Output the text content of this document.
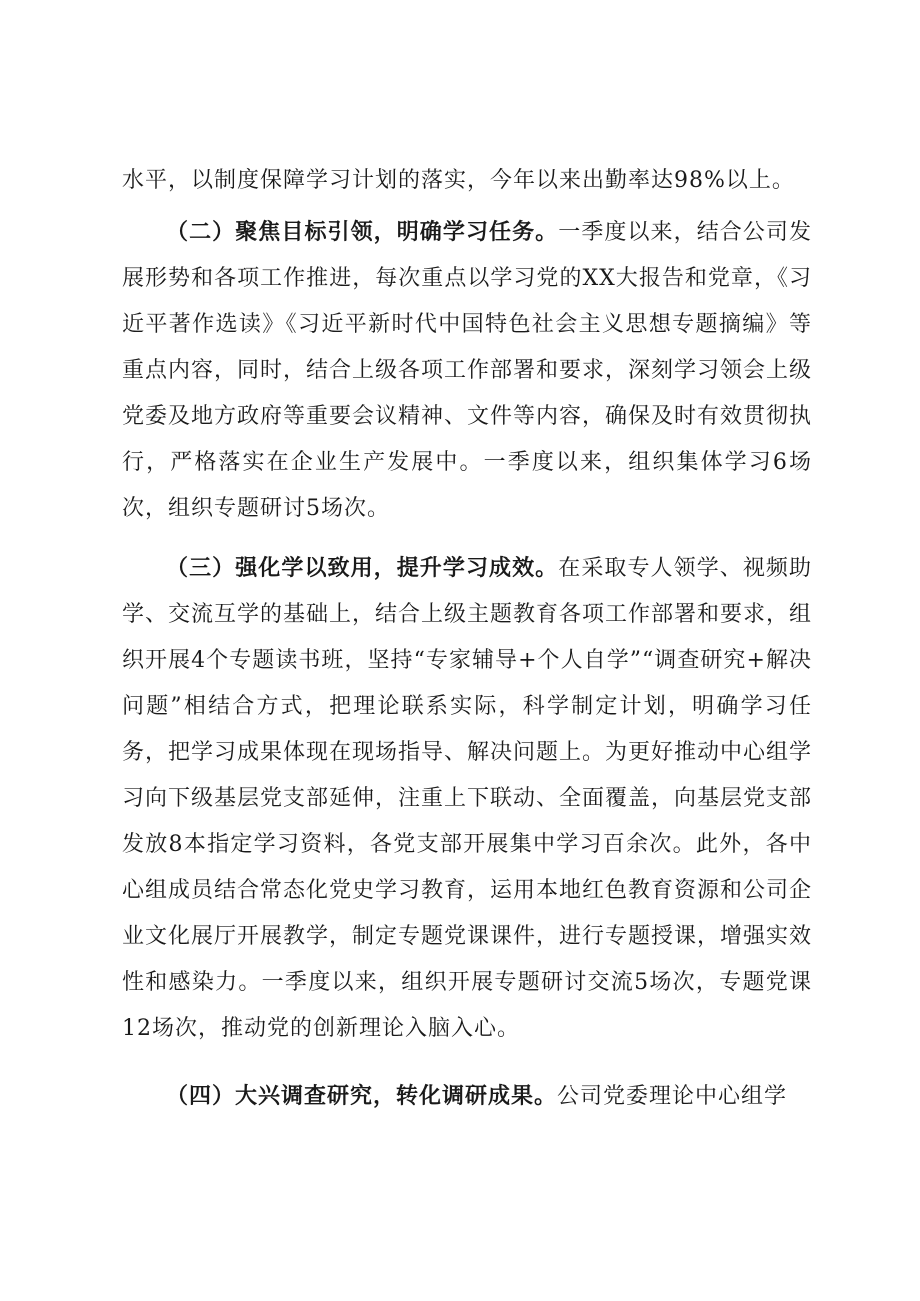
水平，以制度保障学习计划的落实，今年以来出勤率达98%以上。

（二）聚焦目标引领，明确学习任务。一季度以来，结合公司发展形势和各项工作推进，每次重点以学习党的XX大报告和党章，《习近平著作选读》《习近平新时代中国特色社会主义思想专题摘编》等重点内容，同时，结合上级各项工作部署和要求，深刻学习领会上级党委及地方政府等重要会议精神、文件等内容，确保及时有效贯彻执行，严格落实在企业生产发展中。一季度以来，组织集体学习6场次，组织专题研讨5场次。

（三）强化学以致用，提升学习成效。在采取专人领学、视频助学、交流互学的基础上，结合上级主题教育各项工作部署和要求，组织开展4个专题读书班，坚持“专家辅导+个人自学”“调查研究+解决问题”相结合方式，把理论联系实际，科学制定计划，明确学习任务，把学习成果体现在现场指导、解决问题上。为更好推动中心组学习向下级基层党支部延伸，注重上下联动、全面覆盖，向基层党支部发放8本指定学习资料，各党支部开展集中学习百余次。此外，各中心组成员结合常态化党史学习教育，运用本地红色教育资源和公司企业文化展厅开展教学，制定专题党课课件，进行专题授课，增强实效性和感染力。一季度以来，组织开展专题研讨交流5场次，专题党课12场次，推动党的创新理论入脑入心。

（四）大兴调查研究，转化调研成果。公司党委理论中心组学
